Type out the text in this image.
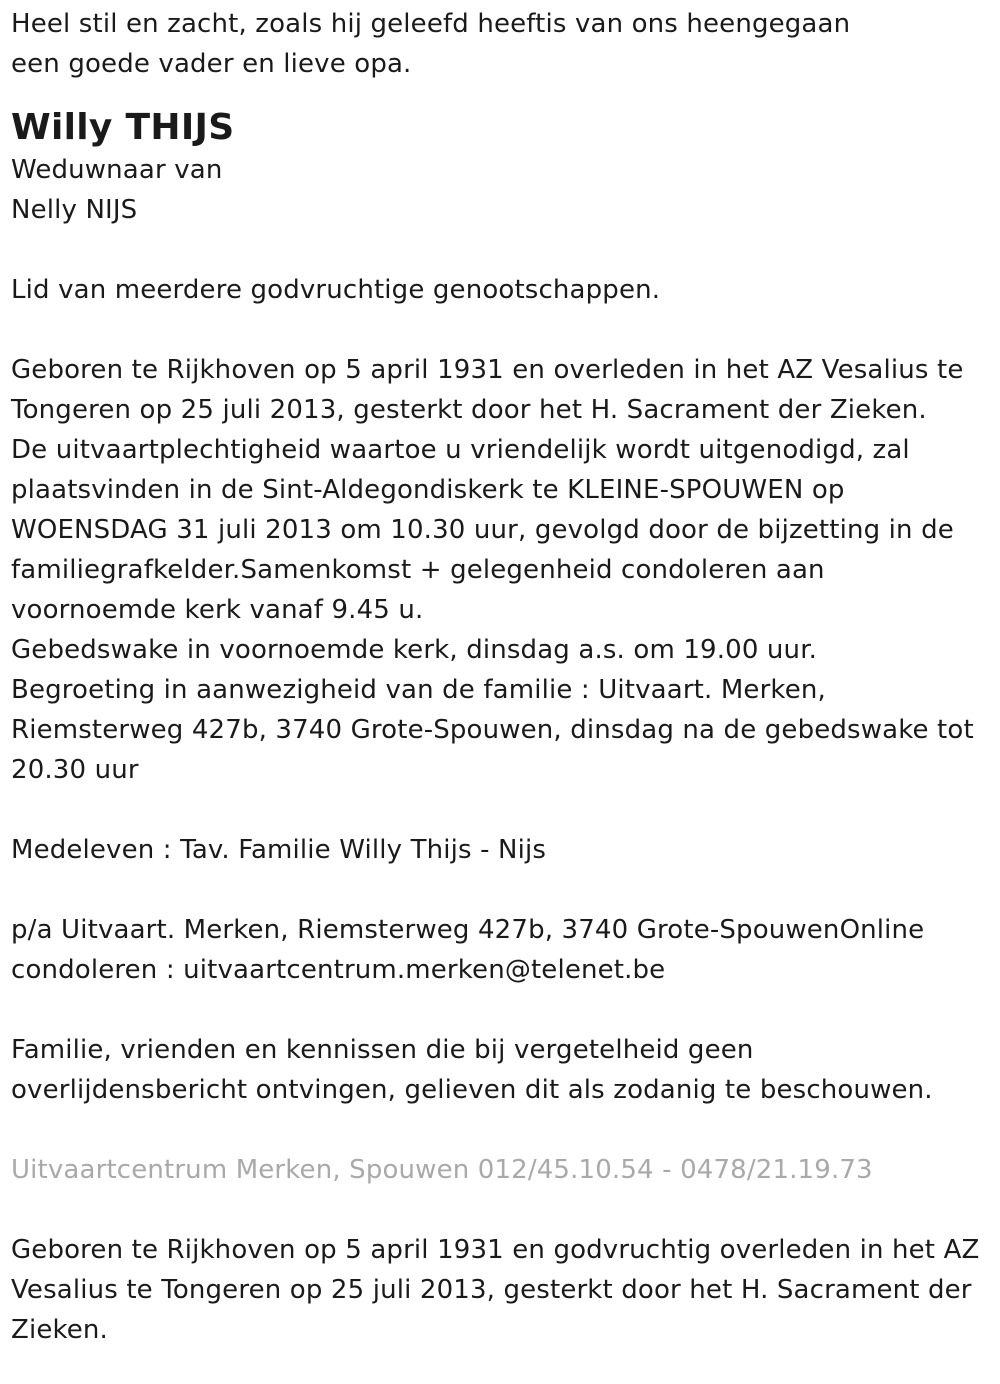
Heel stil en zacht, zoals hij geleefd heeftis van ons heengegaan
een goede vader en lieve opa.

Willy THIJS

Weduwnaar van
Nelly NIJS

Lid van meerdere godvruchtige genootschappen.

Geboren te Rijkhoven op 5 april 1931 en overleden in het AZ Vesalius te
Tongeren op 25 juli 2013, gesterkt door het H. Sacrament der Zieken.
De uitvaartplechtigheid waartoe u vriendelijk wordt uitgenodigd, zal
plaatsvinden in de Sint-Aldegondiskerk te KLEINE-SPOUWEN op
WOENSDAG 31 juli 2013 om 10.30 uur, gevolgd door de bijzetting in de
familiegrafkelder.Samenkomst + gelegenheid condoleren aan
voornoemde kerk vanaf 9.45 u.
Gebedswake in voornoemde kerk, dinsdag a.s. om 19.00 uur.
Begroeting in aanwezigheid van de familie : Uitvaart. Merken,
Riemsterweg 427b, 3740 Grote-Spouwen, dinsdag na de gebedswake tot
20.30 uur

Medeleven : Tav. Familie Willy Thijs - Nijs

p/a Uitvaart. Merken, Riemsterweg 427b, 3740 Grote-SpouwenOnline
condoleren : uitvaartcentrum.merken@telenet.be

Familie, vrienden en kennissen die bij vergetelheid geen
overlijdensbericht ontvingen, gelieven dit als zodanig te beschouwen.

Uitvaartcentrum Merken, Spouwen 012/45.10.54 - 0478/21.19.73

Geboren te Rijkhoven op 5 april 1931 en godvruchtig overleden in het AZ
Vesalius te Tongeren op 25 juli 2013, gesterkt door het H. Sacrament der
Zieken.
